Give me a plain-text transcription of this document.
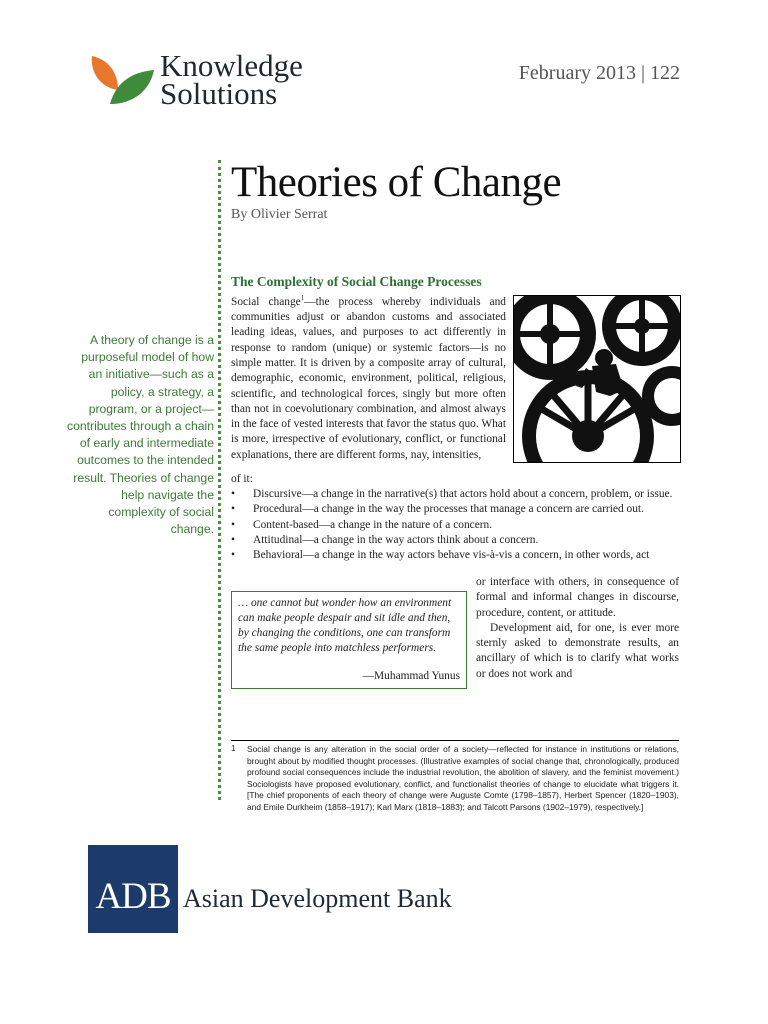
Knowledge
Solutions
February 2013 | 122
Theories of Change
By Olivier Serrat
A theory of change is a purposeful model of how an initiative—such as a policy, a strategy, a program, or a project—contributes through a chain of early and intermediate outcomes to the intended result. Theories of change help navigate the complexity of social change.
The Complexity of Social Change Processes
Social change$^1$—the process whereby individuals and communities adjust or abandon customs and associated leading ideas, values, and purposes to act differently in response to random (unique) or systemic factors—is no simple matter. It is driven by a composite array of cultural, demographic, economic, environment, political, religious, scientific, and technological forces, singly but more often than not in coevolutionary combination, and almost always in the face of vested interests that favor the status quo. What is more, irrespective of evolutionary, conflict, or functional explanations, there are different forms, nay, intensities,
of it:
• Discursive—a change in the narrative(s) that actors hold about a concern, problem, or issue.
• Procedural—a change in the way the processes that manage a concern are carried out.
• Content-based—a change in the nature of a concern.
• Attitudinal—a change in the way actors think about a concern.
• Behavioral—a change in the way actors behave vis-à-vis a concern, in other words, act
or interface with others, in consequence of formal and informal changes in discourse, procedure, content, or attitude.
Development aid, for one, is ever more sternly asked to demonstrate results, an ancillary of which is to clarify what works or does not work and
… one cannot but wonder how an environment can make people despair and sit idle and then, by changing the conditions, one can transform the same people into matchless performers.
—Muhammad Yunus
1 Social change is any alteration in the social order of a society—reflected for instance in institutions or relations, brought about by modified thought processes. (Illustrative examples of social change that, chronologically, produced profound social consequences include the industrial revolution, the abolition of slavery, and the feminist movement.) Sociologists have proposed evolutionary, conflict, and functionalist theories of change to elucidate what triggers it. [The chief proponents of each theory of change were Auguste Comte (1798–1857), Herbert Spencer (1820–1903), and Emile Durkheim (1858–1917); Karl Marx (1818–1883); and Talcott Parsons (1902–1979), respectively.]
ADB Asian Development Bank
